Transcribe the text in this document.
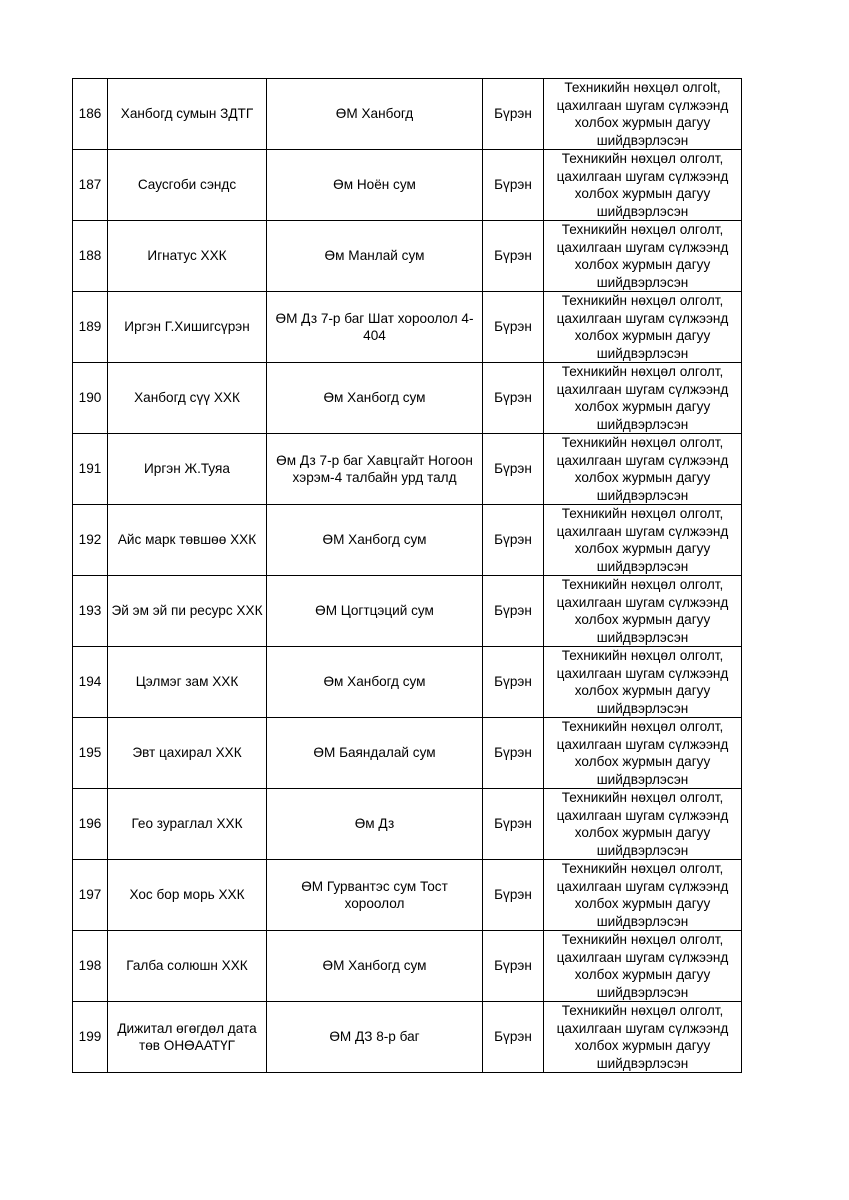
186	Ханбогд сумын ЗДТГ	ӨМ Ханбогд	Бүрэн	Техникийн нөхцөл олгolt, цахилгаан шугам сүлжээнд холбох журмын дагуу шийдвэрлэсэн
187	Саусгоби сэндс	Өм Ноён сум	Бүрэн	Техникийн нөхцөл олголт, цахилгаан шугам сүлжээнд холбох журмын дагуу шийдвэрлэсэн
188	Игнатус ХХК	Өм Манлай сум	Бүрэн	Техникийн нөхцөл олголт, цахилгаан шугам сүлжээнд холбох журмын дагуу шийдвэрлэсэн
189	Иргэн Г.Хишигсүрэн	ӨМ Дз 7-р баг Шат хороолол 4-404	Бүрэн	Техникийн нөхцөл олголт, цахилгаан шугам сүлжээнд холбох журмын дагуу шийдвэрлэсэн
190	Ханбогд сүү ХХК	Өм Ханбогд сум	Бүрэн	Техникийн нөхцөл олголт, цахилгаан шугам сүлжээнд холбох журмын дагуу шийдвэрлэсэн
191	Иргэн Ж.Туяа	Өм Дз 7-р баг Хавцгайт Ногоон хэрэм-4 талбайн урд талд	Бүрэн	Техникийн нөхцөл олголт, цахилгаан шугам сүлжээнд холбох журмын дагуу шийдвэрлэсэн
192	Айс марк төвшөө ХХК	ӨМ Ханбогд сум	Бүрэн	Техникийн нөхцөл олголт, цахилгаан шугам сүлжээнд холбох журмын дагуу шийдвэрлэсэн
193	Эй эм эй пи ресурс ХХК	ӨМ Цогтцэций сум	Бүрэн	Техникийн нөхцөл олголт, цахилгаан шугам сүлжээнд холбох журмын дагуу шийдвэрлэсэн
194	Цэлмэг зам ХХК	Өм Ханбогд сум	Бүрэн	Техникийн нөхцөл олголт, цахилгаан шугам сүлжээнд холбох журмын дагуу шийдвэрлэсэн
195	Эвт цахирал ХХК	ӨМ Баяндалай сум	Бүрэн	Техникийн нөхцөл олголт, цахилгаан шугам сүлжээнд холбох журмын дагуу шийдвэрлэсэн
196	Гео зураглал ХХК	Өм Дз	Бүрэн	Техникийн нөхцөл олголт, цахилгаан шугам сүлжээнд холбох журмын дагуу шийдвэрлэсэн
197	Хос бор морь ХХК	ӨМ Гурвантэс сум Тост хороолол	Бүрэн	Техникийн нөхцөл олголт, цахилгаан шугам сүлжээнд холбох журмын дагуу шийдвэрлэсэн
198	Галба солюшн ХХК	ӨМ Ханбогд сум	Бүрэн	Техникийн нөхцөл олголт, цахилгаан шугам сүлжээнд холбох журмын дагуу шийдвэрлэсэн
199	Дижитал өгөгдөл дата төв ОНӨААТҮГ	ӨМ ДЗ 8-р баг	Бүрэн	Техникийн нөхцөл олголт, цахилгаан шугам сүлжээнд холбох журмын дагуу шийдвэрлэсэн
